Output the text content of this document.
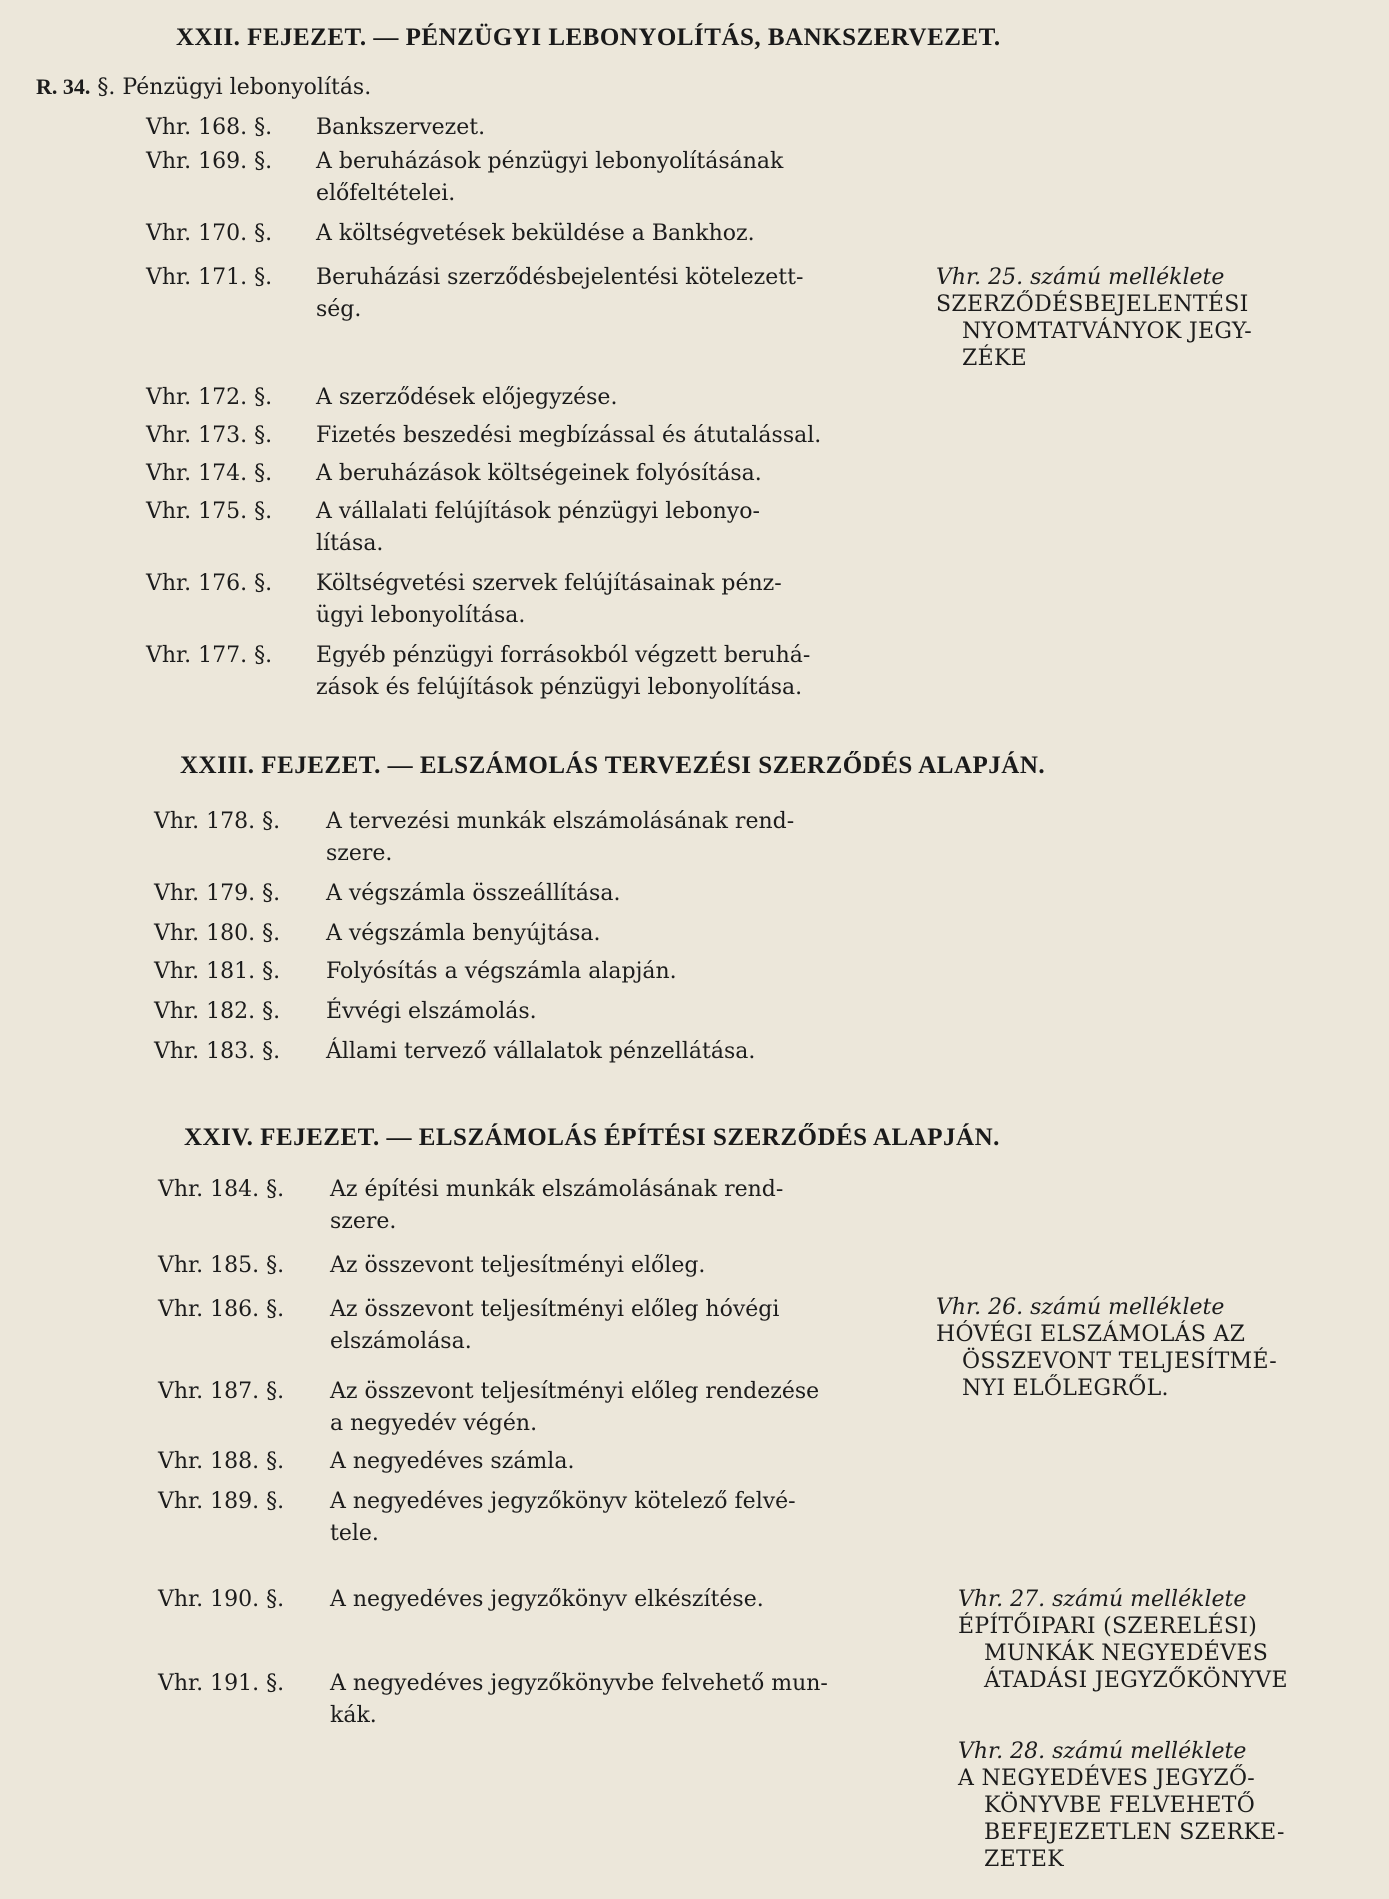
XXII. FEJEZET. — PÉNZÜGYI LEBONYOLÍTÁS, BANKSZERVEZET.
R. 34. §. Pénzügyi lebonyolítás.
Vhr. 168. §. Bankszervezet.
Vhr. 169. §. A beruházások pénzügyi lebonyolításának
előfeltételei.
Vhr. 170. §. A költségvetések beküldése a Bankhoz.
Vhr. 171. §. Beruházási szerződésbejelentési kötelezett-
ség.
Vhr. 172. §. A szerződések előjegyzése.
Vhr. 173. §. Fizetés beszedési megbízással és átutalással.
Vhr. 174. §. A beruházások költségeinek folyósítása.
Vhr. 175. §. A vállalati felújítások pénzügyi lebonyo-
lítása.
Vhr. 176. §. Költségvetési szervek felújításainak pénz-
ügyi lebonyolítása.
Vhr. 177. §. Egyéb pénzügyi forrásokból végzett beruhá-
zások és felújítások pénzügyi lebonyolítása.
XXIII. FEJEZET. — ELSZÁMOLÁS TERVEZÉSI SZERZŐDÉS ALAPJÁN.
Vhr. 178. §. A tervezési munkák elszámolásának rend-
szere.
Vhr. 179. §. A végszámla összeállítása.
Vhr. 180. §. A végszámla benyújtása.
Vhr. 181. §. Folyósítás a végszámla alapján.
Vhr. 182. §. Évvégi elszámolás.
Vhr. 183. §. Állami tervező vállalatok pénzellátása.
XXIV. FEJEZET. — ELSZÁMOLÁS ÉPÍTÉSI SZERZŐDÉS ALAPJÁN.
Vhr. 184. §. Az építési munkák elszámolásának rend-
szere.
Vhr. 185. §. Az összevont teljesítményi előleg.
Vhr. 186. §. Az összevont teljesítményi előleg hóvégi
elszámolása.
Vhr. 187. §. Az összevont teljesítményi előleg rendezése
a negyedév végén.
Vhr. 188. §. A negyedéves számla.
Vhr. 189. §. A negyedéves jegyzőkönyv kötelező felvé-
tele.
Vhr. 190. §. A negyedéves jegyzőkönyv elkészítése.
Vhr. 191. §. A negyedéves jegyzőkönyvbe felvehető mun-
kák.
Vhr. 25. számú melléklete
SZERZŐDÉSBEJELENTÉSI
NYOMTATVÁNYOK JEGY-
ZÉKE
Vhr. 26. számú melléklete
HÓVÉGI ELSZÁMOLÁS AZ
ÖSSZEVONT TELJESÍTMÉ-
NYI ELŐLEGRŐL.
Vhr. 27. számú melléklete
ÉPÍTŐIPARI (SZERELÉSI)
MUNKÁK NEGYEDÉVES
ÁTADÁSI JEGYZŐKÖNYVE
Vhr. 28. számú melléklete
A NEGYEDÉVES JEGYZŐ-
KÖNYVBE FELVEHETŐ
BEFEJEZETLEN SZERKE-
ZETEK
